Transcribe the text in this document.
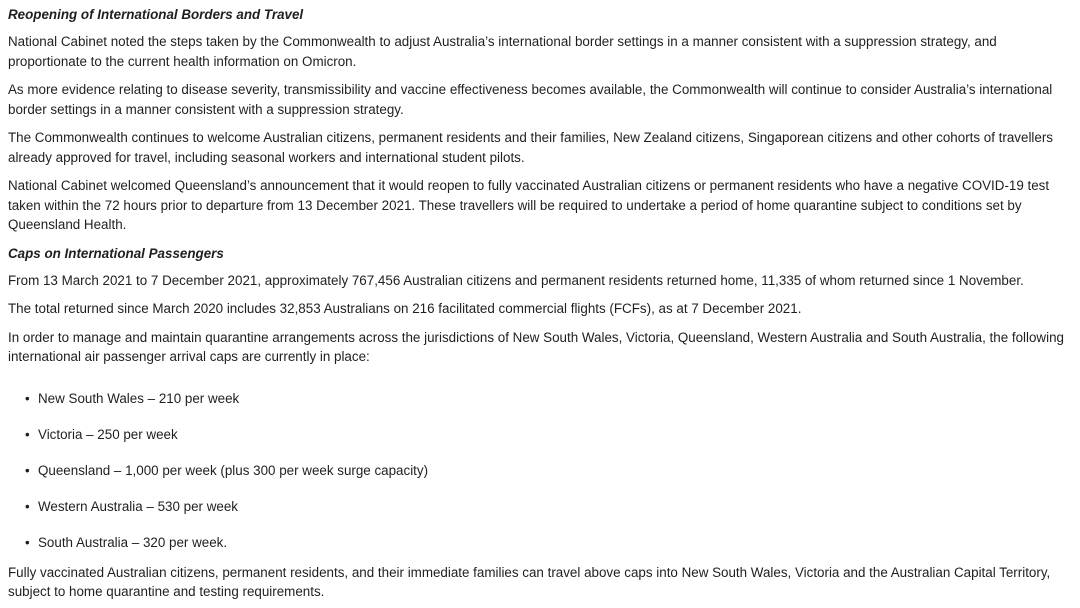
Reopening of International Borders and Travel

National Cabinet noted the steps taken by the Commonwealth to adjust Australia’s international border settings in a manner consistent with a suppression strategy, and proportionate to the current health information on Omicron.

As more evidence relating to disease severity, transmissibility and vaccine effectiveness becomes available, the Commonwealth will continue to consider Australia’s international border settings in a manner consistent with a suppression strategy.

The Commonwealth continues to welcome Australian citizens, permanent residents and their families, New Zealand citizens, Singaporean citizens and other cohorts of travellers already approved for travel, including seasonal workers and international student pilots.

National Cabinet welcomed Queensland’s announcement that it would reopen to fully vaccinated Australian citizens or permanent residents who have a negative COVID-19 test taken within the 72 hours prior to departure from 13 December 2021. These travellers will be required to undertake a period of home quarantine subject to conditions set by Queensland Health.

Caps on International Passengers

From 13 March 2021 to 7 December 2021, approximately 767,456 Australian citizens and permanent residents returned home, 11,335 of whom returned since 1 November.

The total returned since March 2020 includes 32,853 Australians on 216 facilitated commercial flights (FCFs), as at 7 December 2021.

In order to manage and maintain quarantine arrangements across the jurisdictions of New South Wales, Victoria, Queensland, Western Australia and South Australia, the following international air passenger arrival caps are currently in place:

• New South Wales – 210 per week
• Victoria – 250 per week
• Queensland – 1,000 per week (plus 300 per week surge capacity)
• Western Australia – 530 per week
• South Australia – 320 per week.

Fully vaccinated Australian citizens, permanent residents, and their immediate families can travel above caps into New South Wales, Victoria and the Australian Capital Territory, subject to home quarantine and testing requirements.
